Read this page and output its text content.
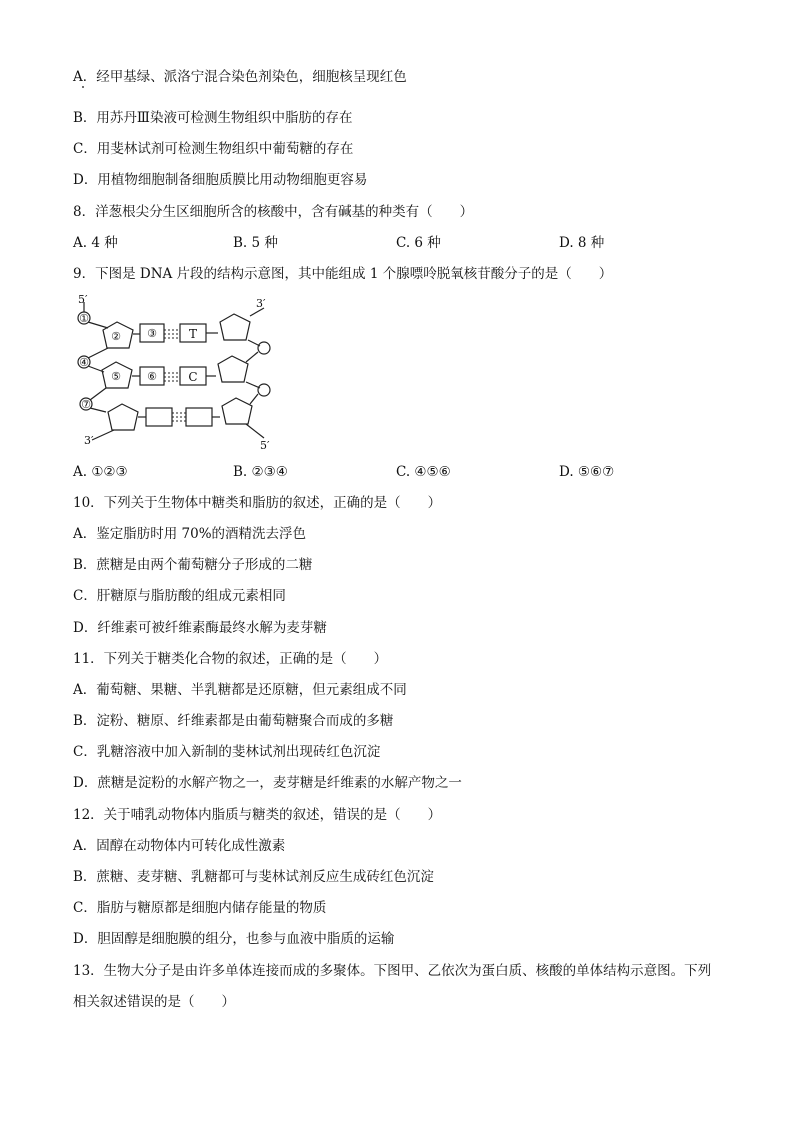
A．经甲基绿、派洛宁混合染色剂染色，细胞核呈现红色
B．用苏丹Ⅲ染液可检测生物组织中脂肪的存在
C．用斐林试剂可检测生物组织中葡萄糖的存在
D．用植物细胞制备细胞质膜比用动物细胞更容易
8．洋葱根尖分生区细胞所含的核酸中，含有碱基的种类有（　　）
A. 4 种	B. 5 种	C. 6 种	D. 8 种
9．下图是 DNA 片段的结构示意图，其中能组成 1 个腺嘌呤脱氧核苷酸分子的是（　　）
①
② ③
④
⑤ ⑥
⑦
T
C
5′	3′
3′	5′
A. ①②③	B. ②③④	C. ④⑤⑥	D. ⑤⑥⑦
10．下列关于生物体中糖类和脂肪的叙述，正确的是（　　）
A．鉴定脂肪时用 70%的酒精洗去浮色
B．蔗糖是由两个葡萄糖分子形成的二糖
C．肝糖原与脂肪酸的组成元素相同
D．纤维素可被纤维素酶最终水解为麦芽糖
11．下列关于糖类化合物的叙述，正确的是（　　）
A．葡萄糖、果糖、半乳糖都是还原糖，但元素组成不同
B．淀粉、糖原、纤维素都是由葡萄糖聚合而成的多糖
C．乳糖溶液中加入新制的斐林试剂出现砖红色沉淀
D．蔗糖是淀粉的水解产物之一，麦芽糖是纤维素的水解产物之一
12．关于哺乳动物体内脂质与糖类的叙述，错误的是（　　）
A．固醇在动物体内可转化成性激素
B．蔗糖、麦芽糖、乳糖都可与斐林试剂反应生成砖红色沉淀
C．脂肪与糖原都是细胞内储存能量的物质
D．胆固醇是细胞膜的组分，也参与血液中脂质的运输
13．生物大分子是由许多单体连接而成的多聚体。下图甲、乙依次为蛋白质、核酸的单体结构示意图。下列
相关叙述错误的是（　　）
